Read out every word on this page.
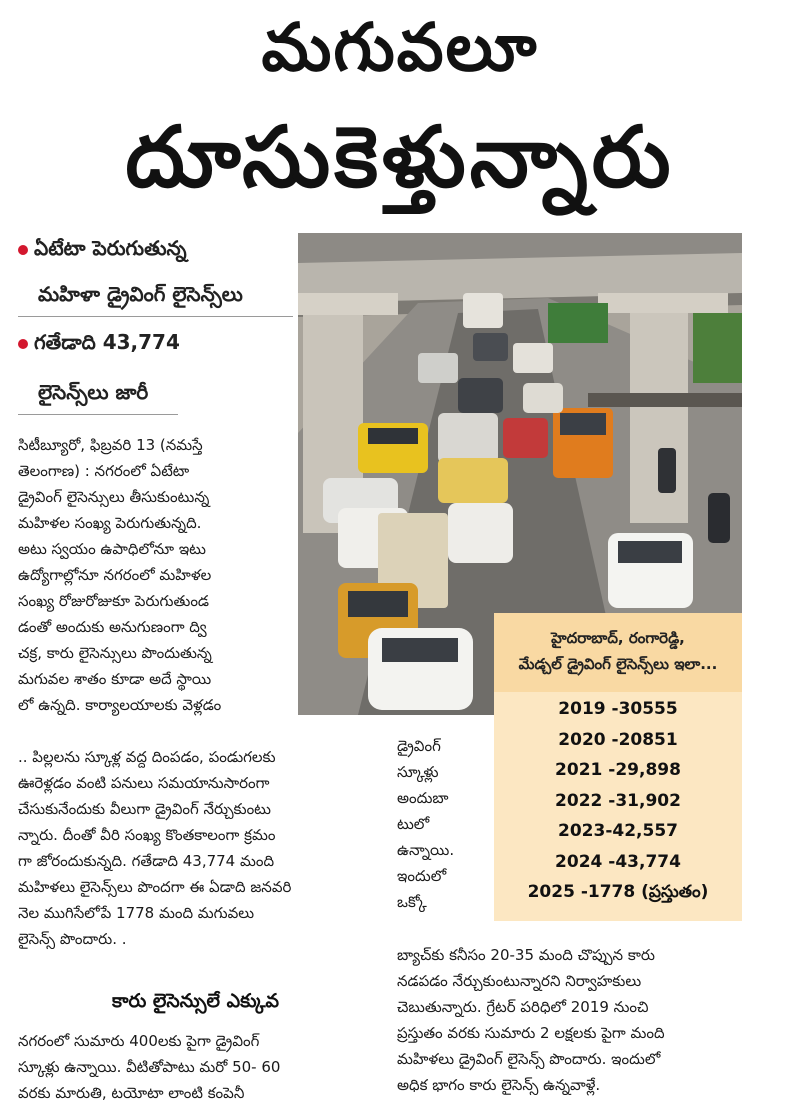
మగువలూ
దూసుకెళ్తున్నారు
ఏటేటా పెరుగుతున్న
మహిళా డ్రైవింగ్ లైసెన్స్‌లు
గతేడాది 43,774
లైసెన్స్‌లు జారీ
హైదరాబాద్, రంగారెడ్డి,
మేడ్చల్ డ్రైవింగ్ లైసెన్స్‌లు ఇలా...
2019 -30555
2020 -20851
2021 -29,898
2022 -31,902
2023-42,557
2024 -43,774
2025 -1778 (ప్రస్తుతం)
సిటీబ్యూరో, ఫిబ్రవరి 13 (నమస్తే
తెలంగాణ) : నగరంలో ఏటేటా
డ్రైవింగ్ లైసెన్సులు తీసుకుంటున్న
మహిళల సంఖ్య పెరుగుతున్నది.
అటు స్వయం ఉపాధిలోనూ ఇటు
ఉద్యోగాల్లోనూ నగరంలో మహిళల
సంఖ్య రోజురోజుకూ పెరుగుతుండ
డంతో అందుకు అనుగుణంగా ద్వి
చక్ర, కారు లైసెన్సులు పొందుతున్న
మగువల శాతం కూడా అదే స్థాయి
లో ఉన్నది. కార్యాలయాలకు వెళ్లడం
.. పిల్లలను స్కూళ్ల వద్ద దింపడం, పండుగలకు
ఊరెళ్లడం వంటి పనులు సమయానుసారంగా
చేసుకునేందుకు వీలుగా డ్రైవింగ్ నేర్చుకుంటు
న్నారు. దీంతో వీరి సంఖ్య కొంతకాలంగా క్రమం
గా జోరందుకున్నది. గతేడాది 43,774 మంది
మహిళలు లైసెన్స్‌లు పొందగా ఈ ఏడాది జనవరి
నెల ముగిసేలోపే 1778 మంది మగువలు
లైసెన్స్ పొందారు. .
డ్రైవింగ్
స్కూళ్లు
అందుబా
టులో
ఉన్నాయి.
ఇందులో
ఒక్కో
కారు లైసెన్సులే ఎక్కువ
నగరంలో సుమారు 400లకు పైగా డ్రైవింగ్
స్కూళ్లు ఉన్నాయి. వీటితోపాటు మరో 50- 60
వరకు మారుతి, టయోటా లాంటి కంపెనీ
బ్యాచ్‌కు కనీసం 20-35 మంది చొప్పున కారు
నడపడం నేర్చుకుంటున్నారని నిర్వాహకులు
చెబుతున్నారు. గ్రేటర్ పరిధిలో 2019 నుంచి
ప్రస్తుతం వరకు సుమారు 2 లక్షలకు పైగా మంది
మహిళలు డ్రైవింగ్ లైసెన్స్ పొందారు. ఇందులో
అధిక భాగం కారు లైసెన్స్ ఉన్నవాళ్లే.
